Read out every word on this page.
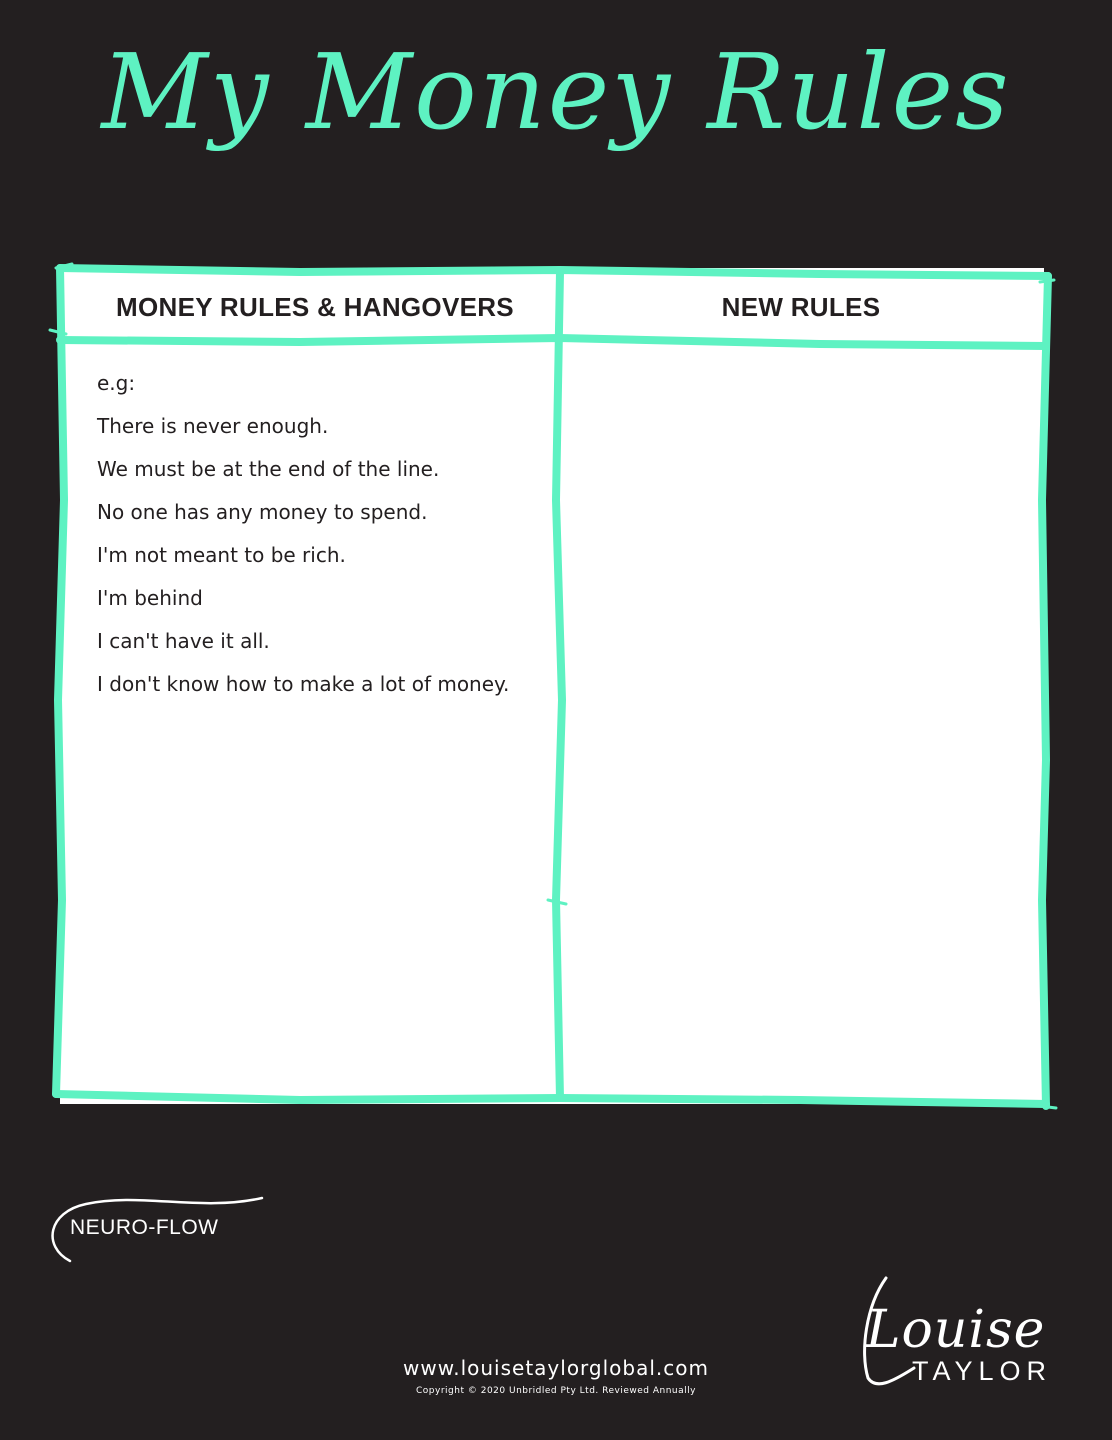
My Money Rules
MONEY RULES & HANGOVERS	NEW RULES
e.g:
There is never enough.
We must be at the end of the line.
No one has any money to spend.
I'm not meant to be rich.
I'm behind
I can't have it all.
I don't know how to make a lot of money.
NEURO-FLOW
www.louisetaylorglobal.com
Copyright © 2020 Unbridled Pty Ltd. Reviewed Annually
Louise
TAYLOR
